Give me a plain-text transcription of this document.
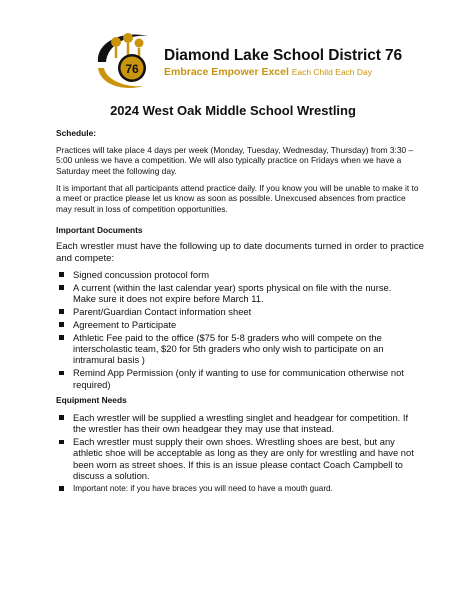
76
Diamond Lake School District 76
Embrace Empower Excel Each Child Each Day
2024 West Oak Middle School Wrestling
Schedule:
Practices will take place 4 days per week (Monday, Tuesday, Wednesday, Thursday) from 3:30 – 5:00 unless we have a competition. We will also typically practice on Fridays when we have a Saturday meet the following day.
It is important that all participants attend practice daily. If you know you will be unable to make it to a meet or practice please let us know as soon as possible. Unexcused absences from practice may result in loss of competition opportunities.
Important Documents
Each wrestler must have the following up to date documents turned in order to practice and compete:
Signed concussion protocol form
A current (within the last calendar year) sports physical on file with the nurse. Make sure it does not expire before March 11.
Parent/Guardian Contact information sheet
Agreement to Participate
Athletic Fee paid to the office ($75 for 5-8 graders who will compete on the interscholastic team, $20 for 5th graders who only wish to participate on an intramural basis )
Remind App Permission (only if wanting to use for communication otherwise not required)
Equipment Needs
Each wrestler will be supplied a wrestling singlet and headgear for competition. If the wrestler has their own headgear they may use that instead.
Each wrestler must supply their own shoes. Wrestling shoes are best, but any athletic shoe will be acceptable as long as they are only for wrestling and have not been worn as street shoes. If this is an issue please contact Coach Campbell to discuss a solution.
Important note: if you have braces you will need to have a mouth guard.
